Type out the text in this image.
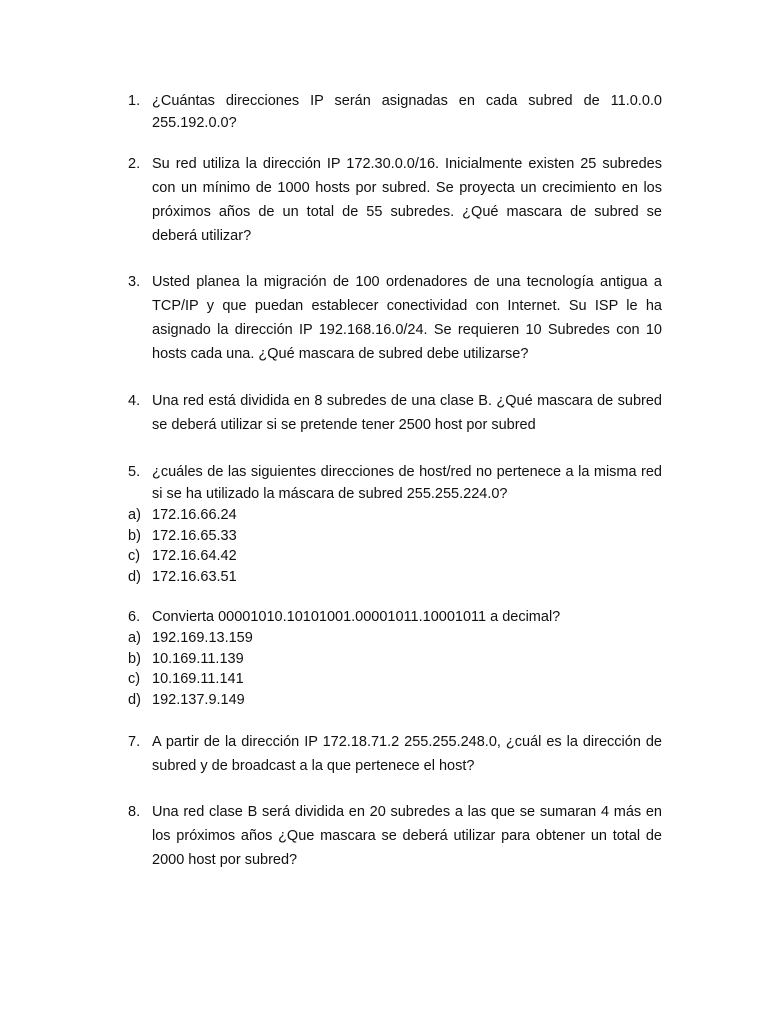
1. ¿Cuántas direcciones IP serán asignadas en cada subred de 11.0.0.0 255.192.0.0?
2. Su red utiliza la dirección IP 172.30.0.0/16. Inicialmente existen 25 subredes con un mínimo de 1000 hosts por subred. Se proyecta un crecimiento en los próximos años de un total de 55 subredes. ¿Qué mascara de subred se deberá utilizar?
3. Usted planea la migración de 100 ordenadores de una tecnología antigua a TCP/IP y que puedan establecer conectividad con Internet. Su ISP le ha asignado la dirección IP 192.168.16.0/24. Se requieren 10 Subredes con 10 hosts cada una. ¿Qué mascara de subred debe utilizarse?
4. Una red está dividida en 8 subredes de una clase B. ¿Qué mascara de subred se deberá utilizar si se pretende tener 2500 host por subred
5. ¿cuáles de las siguientes direcciones de host/red no pertenece a la misma red si se ha utilizado la máscara de subred 255.255.224.0?
a) 172.16.66.24
b) 172.16.65.33
c) 172.16.64.42
d) 172.16.63.51
6. Convierta 00001010.10101001.00001011.10001011 a decimal?
a) 192.169.13.159
b) 10.169.11.139
c) 10.169.11.141
d) 192.137.9.149
7. A partir de la dirección IP 172.18.71.2 255.255.248.0, ¿cuál es la dirección de subred y de broadcast a la que pertenece el host?
8. Una red clase B será dividida en 20 subredes a las que se sumaran 4 más en los próximos años ¿Que mascara se deberá utilizar para obtener un total de 2000 host por subred?
